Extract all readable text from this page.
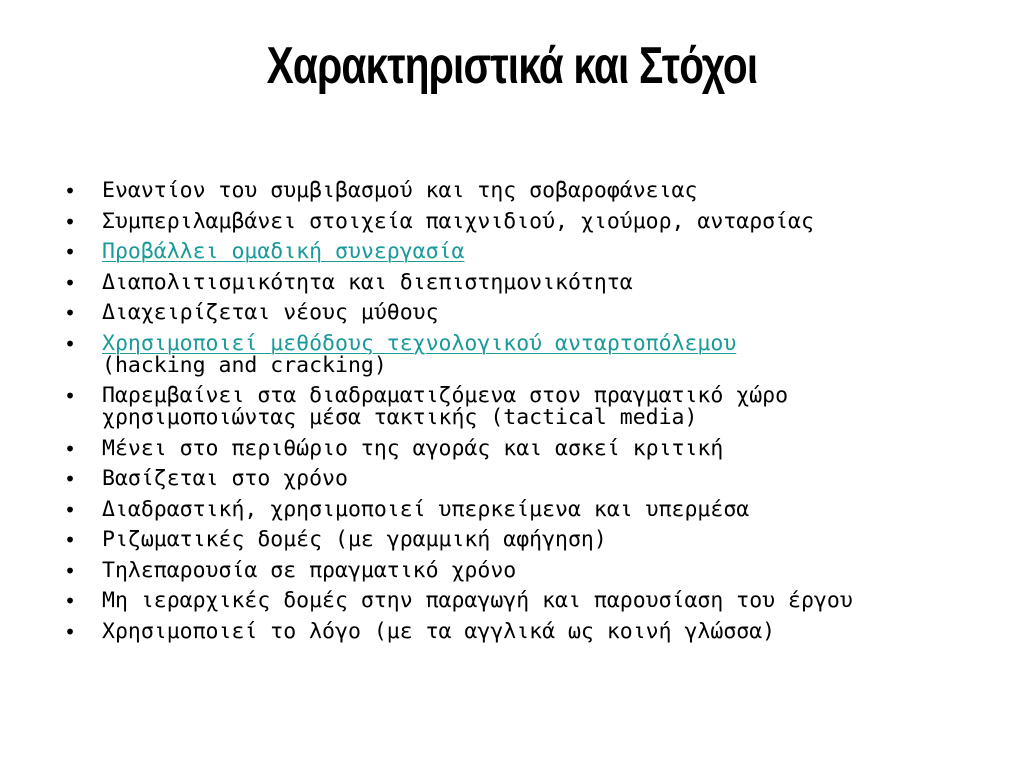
Χαρακτηριστικά και Στόχοι
• Εναντίον του συμβιβασμού και της σοβαροφάνειας
• Συμπεριλαμβάνει στοιχεία παιχνιδιού, χιούμορ, ανταρσίας
• Προβάλλει ομαδική συνεργασία
• Διαπολιτισμικότητα και διεπιστημονικότητα
• Διαχειρίζεται νέους μύθους
• Χρησιμοποιεί μεθόδους τεχνολογικού ανταρτοπόλεμου
(hacking and cracking)
• Παρεμβαίνει στα διαδραματιζόμενα στον πραγματικό χώρο χρησιμοποιώντας μέσα τακτικής (tactical media)
• Μένει στο περιθώριο της αγοράς και ασκεί κριτική
• Βασίζεται στο χρόνο
• Διαδραστική, χρησιμοποιεί υπερκείμενα και υπερμέσα
• Ριζωματικές δομές (με γραμμική αφήγηση)
• Τηλεπαρουσία σε πραγματικό χρόνο
• Μη ιεραρχικές δομές στην παραγωγή και παρουσίαση του έργου
• Χρησιμοποιεί το λόγο (με τα αγγλικά ως κοινή γλώσσα)
